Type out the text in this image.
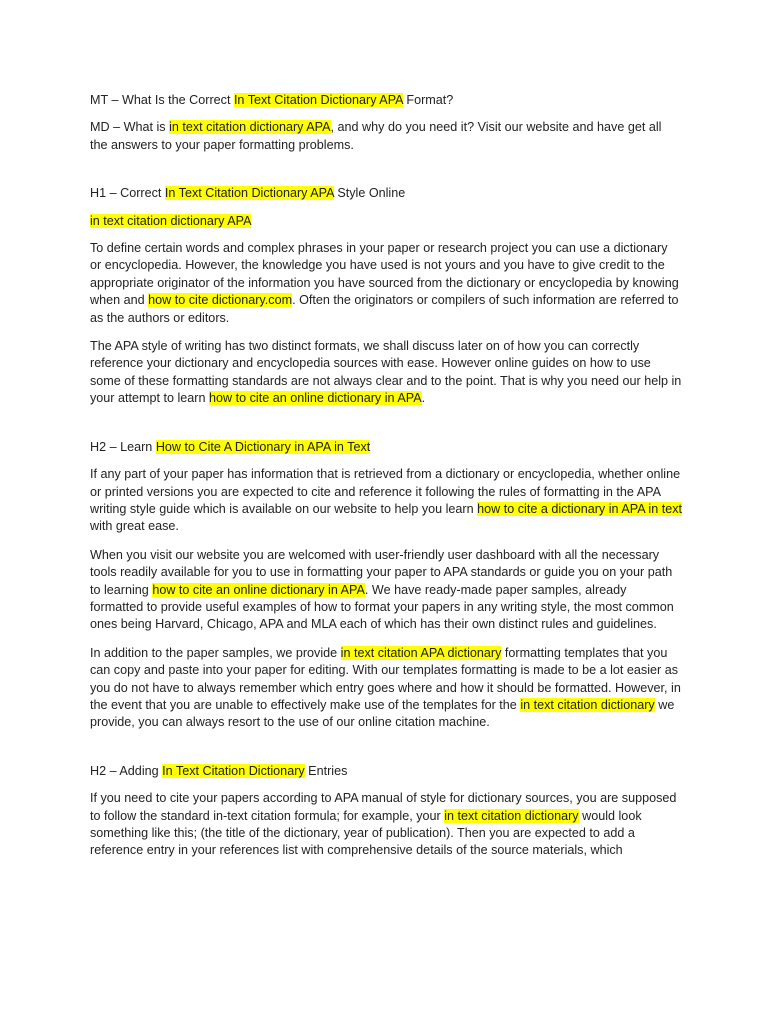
MT – What Is the Correct In Text Citation Dictionary APA Format?

MD – What is in text citation dictionary APA, and why do you need it? Visit our website and have get all the answers to your paper formatting problems.

H1 – Correct In Text Citation Dictionary APA Style Online

in text citation dictionary APA

To define certain words and complex phrases in your paper or research project you can use a dictionary or encyclopedia. However, the knowledge you have used is not yours and you have to give credit to the appropriate originator of the information you have sourced from the dictionary or encyclopedia by knowing when and how to cite dictionary.com. Often the originators or compilers of such information are referred to as the authors or editors.

The APA style of writing has two distinct formats, we shall discuss later on of how you can correctly reference your dictionary and encyclopedia sources with ease. However online guides on how to use some of these formatting standards are not always clear and to the point. That is why you need our help in your attempt to learn how to cite an online dictionary in APA.

H2 – Learn How to Cite A Dictionary in APA in Text

If any part of your paper has information that is retrieved from a dictionary or encyclopedia, whether online or printed versions you are expected to cite and reference it following the rules of formatting in the APA writing style guide which is available on our website to help you learn how to cite a dictionary in APA in text with great ease.

When you visit our website you are welcomed with user-friendly user dashboard with all the necessary tools readily available for you to use in formatting your paper to APA standards or guide you on your path to learning how to cite an online dictionary in APA. We have ready-made paper samples, already formatted to provide useful examples of how to format your papers in any writing style, the most common ones being Harvard, Chicago, APA and MLA each of which has their own distinct rules and guidelines.

In addition to the paper samples, we provide in text citation APA dictionary formatting templates that you can copy and paste into your paper for editing. With our templates formatting is made to be a lot easier as you do not have to always remember which entry goes where and how it should be formatted. However, in the event that you are unable to effectively make use of the templates for the in text citation dictionary we provide, you can always resort to the use of our online citation machine.

H2 – Adding In Text Citation Dictionary Entries

If you need to cite your papers according to APA manual of style for dictionary sources, you are supposed to follow the standard in-text citation formula; for example, your in text citation dictionary would look something like this; (the title of the dictionary, year of publication). Then you are expected to add a reference entry in your references list with comprehensive details of the source materials, which
